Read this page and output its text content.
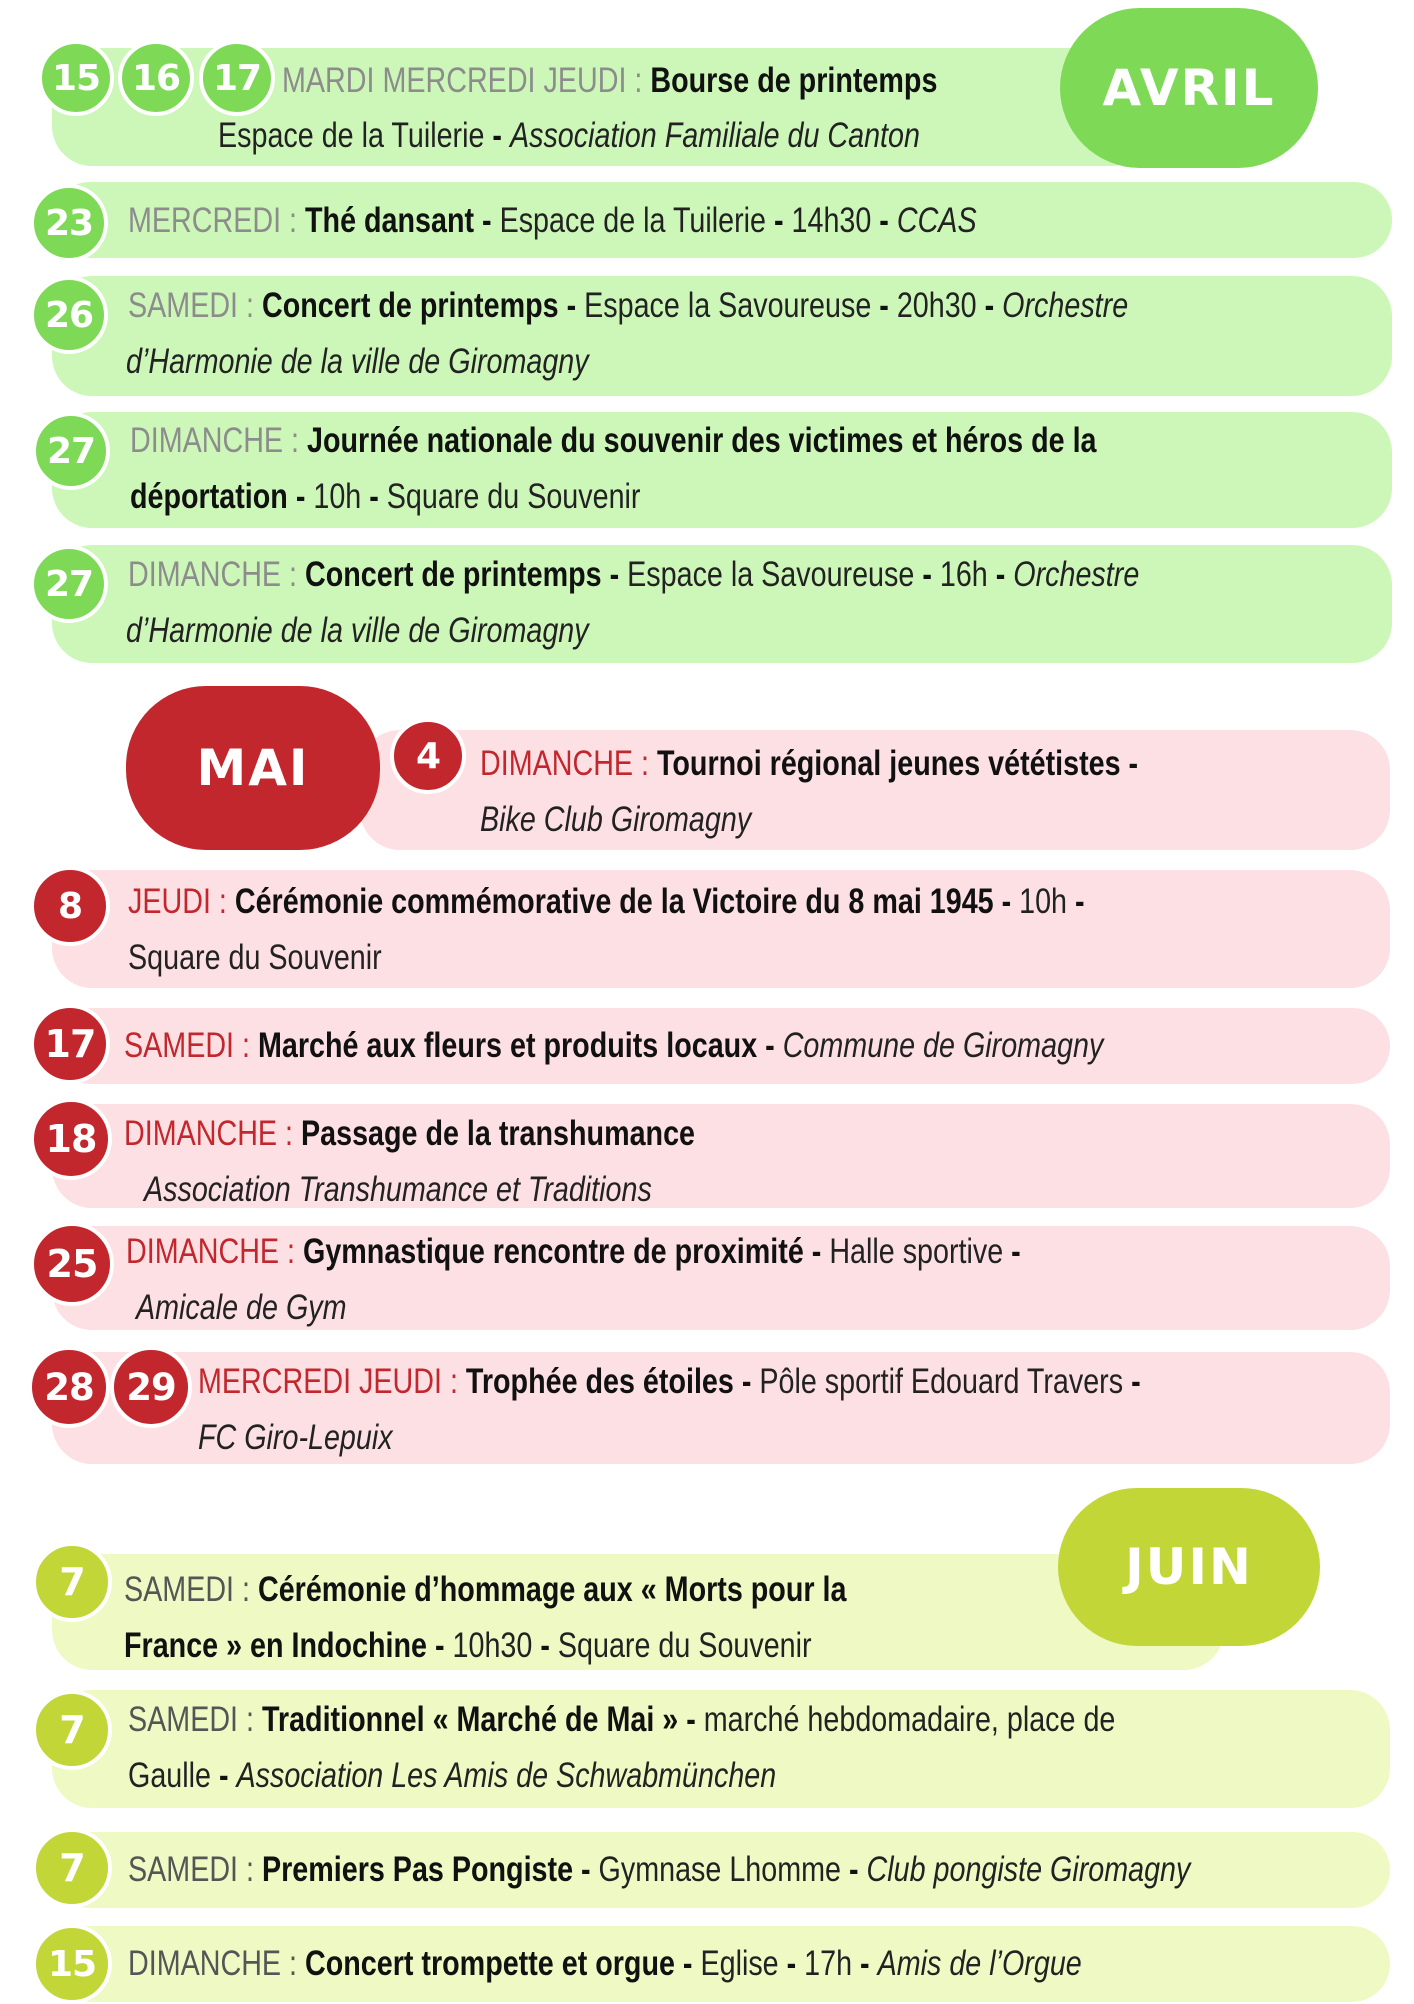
AVRIL
15 16 17 MARDI MERCREDI JEUDI : Bourse de printemps
Espace de la Tuilerie - Association Familiale du Canton
23 MERCREDI : Thé dansant - Espace de la Tuilerie - 14h30 - CCAS
26 SAMEDI : Concert de printemps - Espace la Savoureuse - 20h30 - Orchestre
d’Harmonie de la ville de Giromagny
27 DIMANCHE : Journée nationale du souvenir des victimes et héros de la
déportation - 10h - Square du Souvenir
27 DIMANCHE : Concert de printemps - Espace la Savoureuse - 16h - Orchestre
d’Harmonie de la ville de Giromagny
MAI	4	DIMANCHE : Tournoi régional jeunes vététistes -
Bike Club Giromagny
8	JEUDI : Cérémonie commémorative de la Victoire du 8 mai 1945 - 10h -
Square du Souvenir
17 SAMEDI : Marché aux fleurs et produits locaux - Commune de Giromagny
18 DIMANCHE : Passage de la transhumance
Association Transhumance et Traditions
25 DIMANCHE : Gymnastique rencontre de proximité - Halle sportive -
Amicale de Gym
28 29 MERCREDI JEUDI : Trophée des étoiles - Pôle sportif Edouard Travers -
FC Giro-Lepuix
JUIN
7	SAMEDI : Cérémonie d’hommage aux « Morts pour la
France » en Indochine - 10h30 - Square du Souvenir
7	SAMEDI : Traditionnel « Marché de Mai » - marché hebdomadaire, place de
Gaulle - Association Les Amis de Schwabmünchen
7	SAMEDI : Premiers Pas Pongiste - Gymnase Lhomme - Club pongiste Giromagny
15 DIMANCHE : Concert trompette et orgue - Eglise - 17h - Amis de l’Orgue
